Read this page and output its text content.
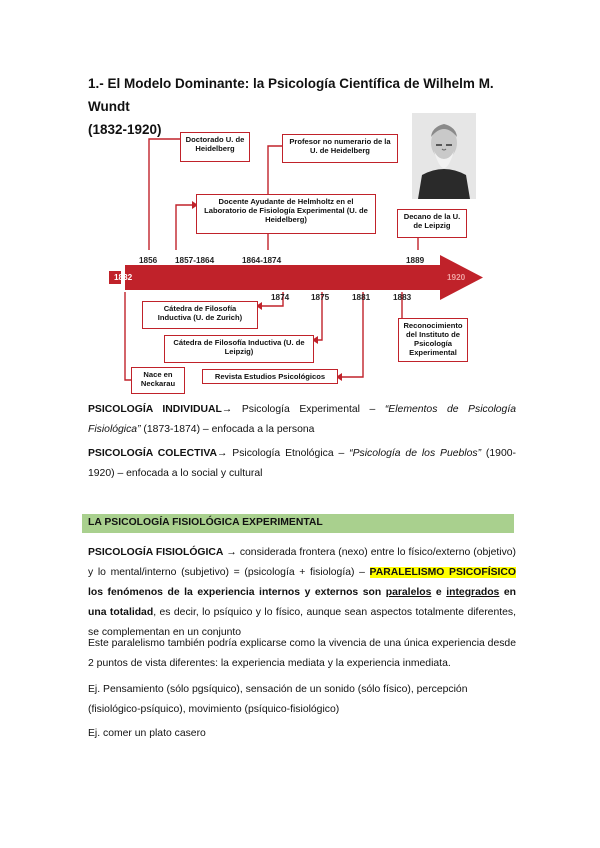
1.- El Modelo Dominante: la Psicología Científica de Wilhelm M. Wundt
(1832-1920)
1832	1920
1856 1857-1864	1864-1874	1889
1874	1875	1881	1883
Doctorado U. de Heidelberg
Profesor no numerario de la U. de Heidelberg
Docente Ayudante de Helmholtz en el Laboratorio de Fisiología Experimental (U. de Heidelberg)	Decano de la U. de Leipzig
Cátedra de Filosofía Inductiva (U. de Zurich)
Cátedra de Filosofía Inductiva (U. de Leipzig)
Revista Estudios Psicológicos
Reconocimiento del Instituto de Psicología Experimental
Nace en Neckarau
PSICOLOGÍA INDIVIDUAL→ Psicología Experimental – “Elementos de Psicología Fisiológica” (1873-1874) – enfocada a la persona
PSICOLOGÍA COLECTIVA→ Psicología Etnológica – “Psicología de los Pueblos” (1900-1920) – enfocada a lo social y cultural
LA PSICOLOGÍA FISIOLÓGICA EXPERIMENTAL
PSICOLOGÍA FISIOLÓGICA → considerada frontera (nexo) entre lo físico/externo (objetivo) y lo mental/interno (subjetivo) = (psicología + fisiología) – PARALELISMO PSICOFÍSICO los fenómenos de la experiencia internos y externos son paralelos e integrados en una totalidad, es decir, lo psíquico y lo físico, aunque sean aspectos totalmente diferentes, se complementan en un conjunto
Este paralelismo también podría explicarse como la vivencia de una única experiencia desde 2 puntos de vista diferentes: la experiencia mediata y la experiencia inmediata.
Ej. Pensamiento (sólo pgsíquico), sensación de un sonido (sólo físico), percepción (fisiológico-psíquico), movimiento (psíquico-fisiológico)
Ej. comer un plato casero
